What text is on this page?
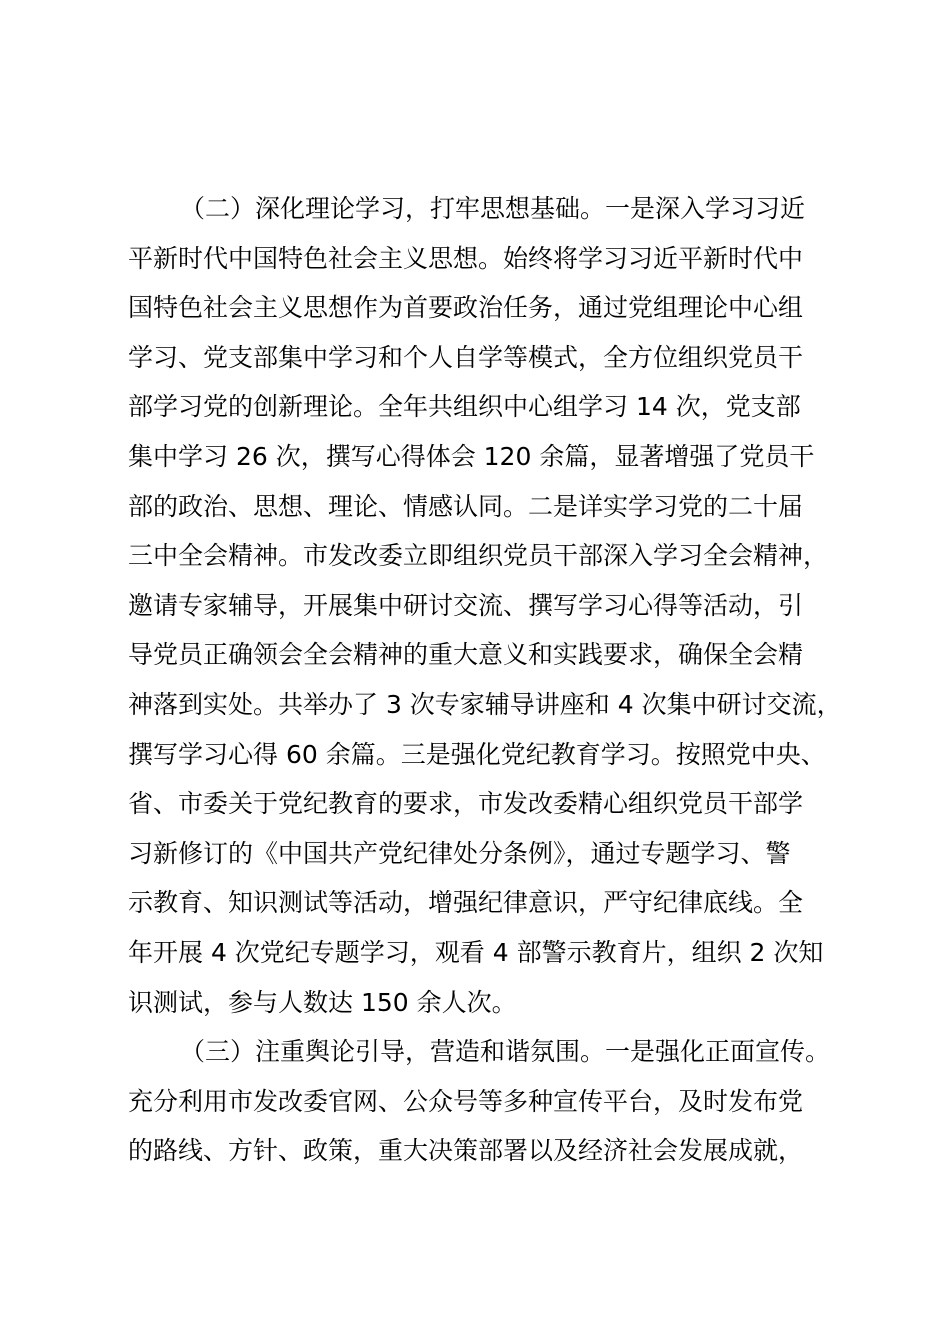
（二）深化理论学习，打牢思想基础。一是深入学习习近
平新时代中国特色社会主义思想。始终将学习习近平新时代中
国特色社会主义思想作为首要政治任务，通过党组理论中心组
学习、党支部集中学习和个人自学等模式，全方位组织党员干
部学习党的创新理论。全年共组织中心组学习 14 次，党支部
集中学习 26 次，撰写心得体会 120 余篇，显著增强了党员干
部的政治、思想、理论、情感认同。二是详实学习党的二十届
三中全会精神。市发改委立即组织党员干部深入学习全会精神，
邀请专家辅导，开展集中研讨交流、撰写学习心得等活动，引
导党员正确领会全会精神的重大意义和实践要求，确保全会精
神落到实处。共举办了 3 次专家辅导讲座和 4 次集中研讨交流，
撰写学习心得 60 余篇。三是强化党纪教育学习。按照党中央、
省、市委关于党纪教育的要求，市发改委精心组织党员干部学
习新修订的《中国共产党纪律处分条例》，通过专题学习、警
示教育、知识测试等活动，增强纪律意识，严守纪律底线。全
年开展 4 次党纪专题学习，观看 4 部警示教育片，组织 2 次知
识测试，参与人数达 150 余人次。
（三）注重舆论引导，营造和谐氛围。一是强化正面宣传。
充分利用市发改委官网、公众号等多种宣传平台，及时发布党
的路线、方针、政策，重大决策部署以及经济社会发展成就，
